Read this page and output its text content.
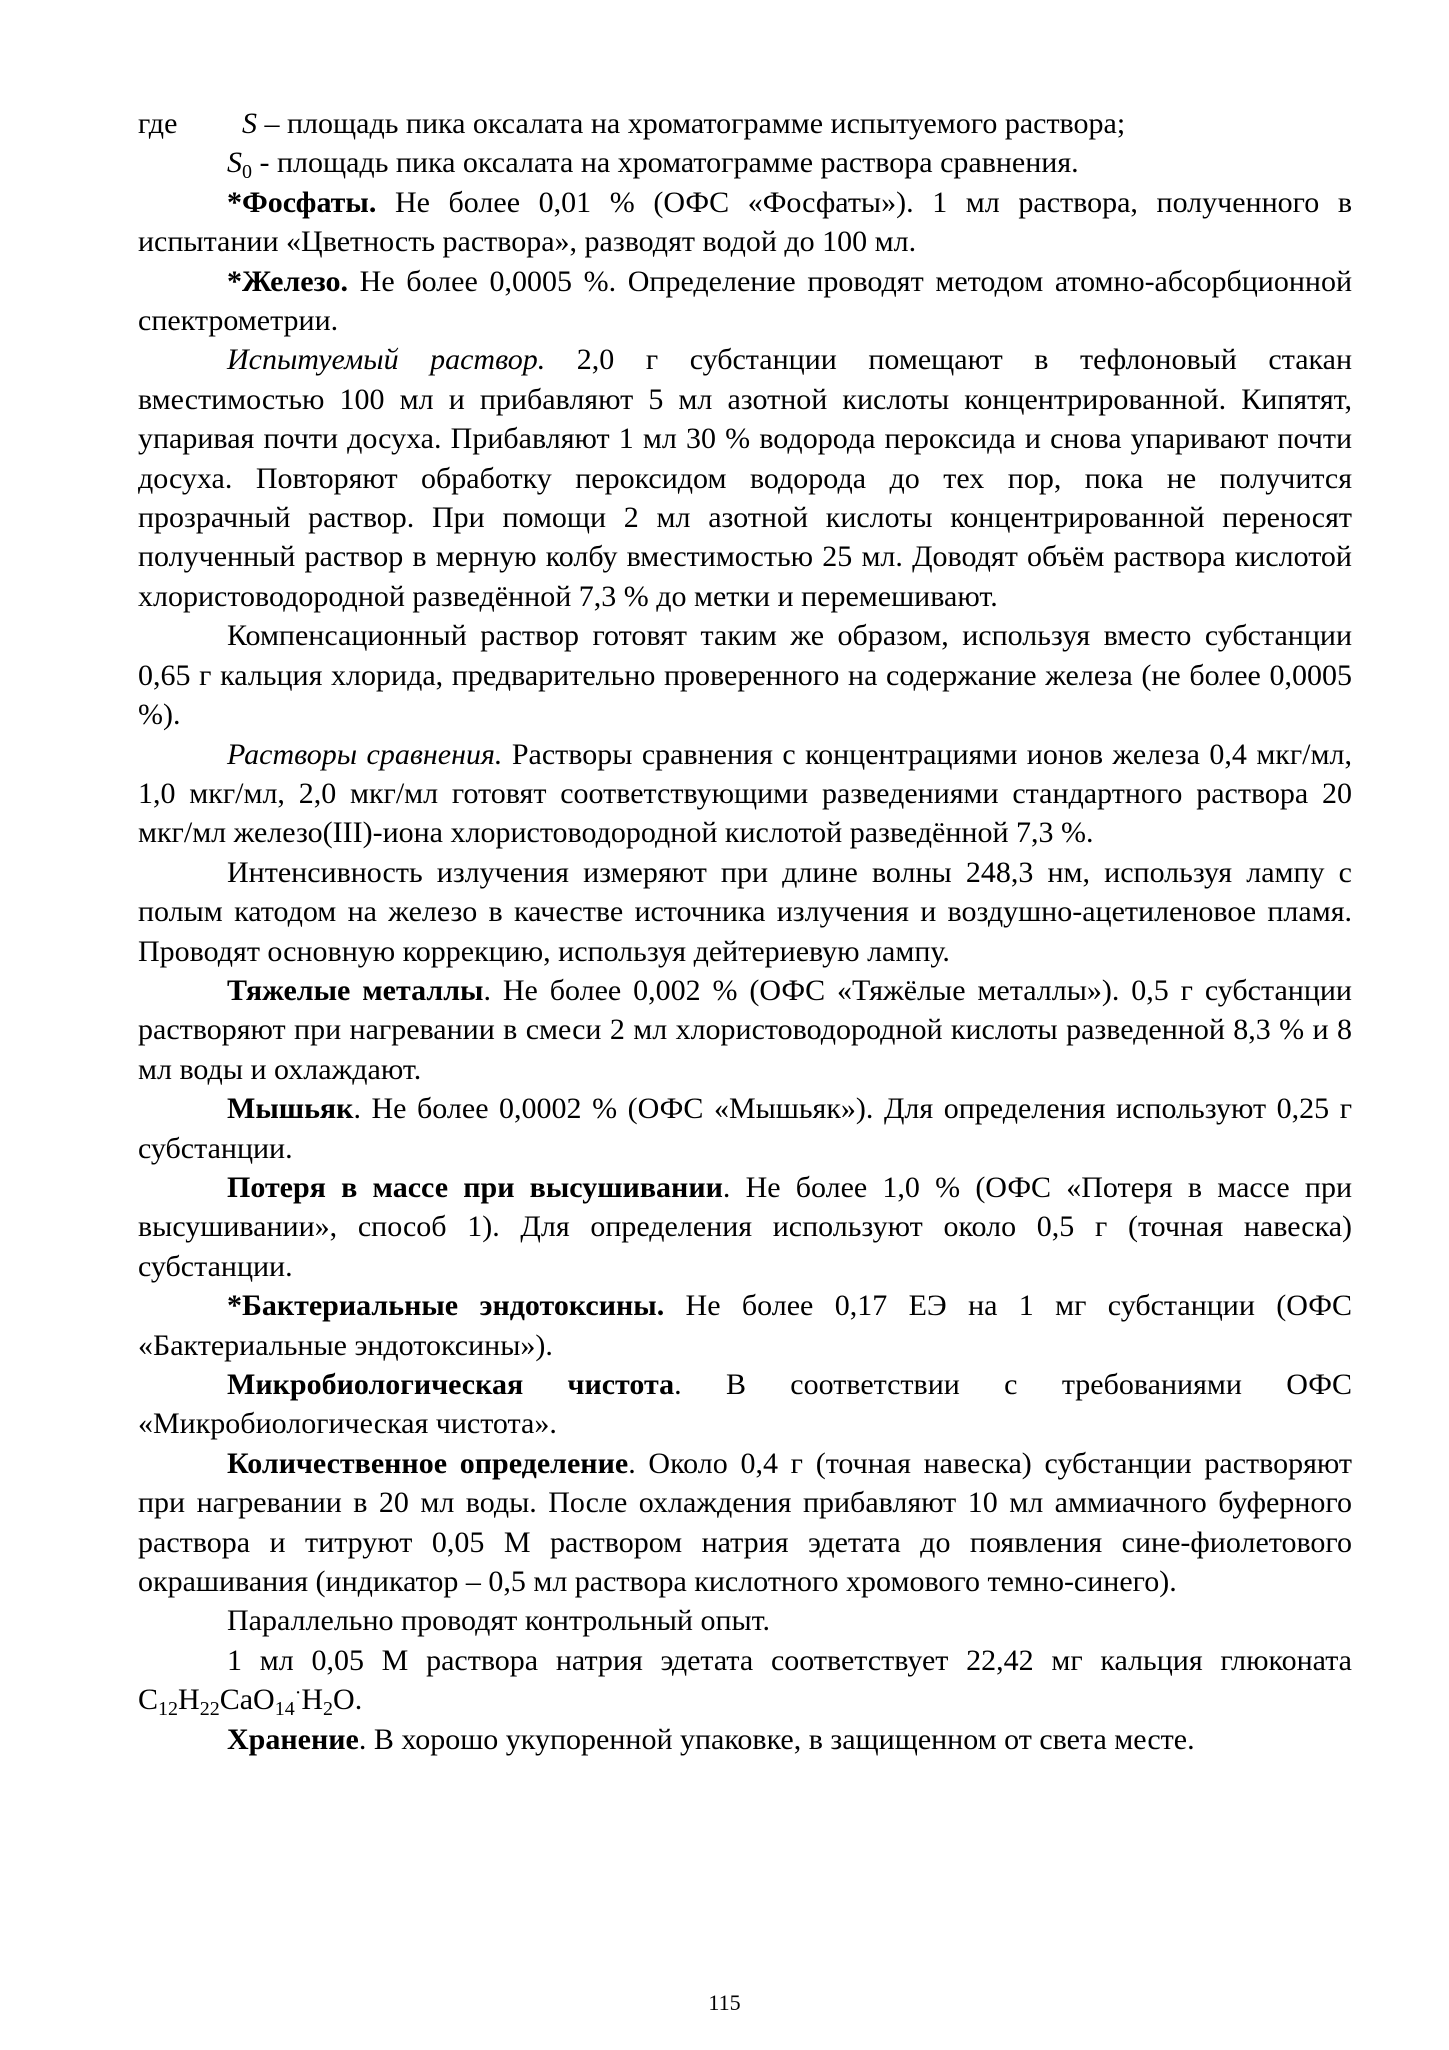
где	S – площадь пика оксалата на хроматограмме испытуемого раствора;

$S_0$ - площадь пика оксалата на хроматограмме раствора сравнения.

*Фосфаты. Не более 0,01 % (ОФС «Фосфаты»). 1 мл раствора, полученного в испытании «Цветность раствора», разводят водой до 100 мл.

*Железо. Не более 0,0005 %. Определение проводят методом атомно-абсорбционной спектрометрии.

Испытуемый раствор. 2,0 г субстанции помещают в тефлоновый стакан вместимостью 100 мл и прибавляют 5 мл азотной кислоты концентрированной. Кипятят, упаривая почти досуха. Прибавляют 1 мл 30 % водорода пероксида и снова упаривают почти досуха. Повторяют обработку пероксидом водорода до тех пор, пока не получится прозрачный раствор. При помощи 2 мл азотной кислоты концентрированной переносят полученный раствор в мерную колбу вместимостью 25 мл. Доводят объём раствора кислотой хлористоводородной разведённой 7,3 % до метки и перемешивают.

Компенсационный раствор готовят таким же образом, используя вместо субстанции 0,65 г кальция хлорида, предварительно проверенного на содержание железа (не более 0,0005 %).

Растворы сравнения. Растворы сравнения с концентрациями ионов железа 0,4 мкг/мл, 1,0 мкг/мл, 2,0 мкг/мл готовят соответствующими разведениями стандартного раствора 20 мкг/мл железо(III)-иона хлористоводородной кислотой разведённой 7,3 %.

Интенсивность излучения измеряют при длине волны 248,3 нм, используя лампу с полым катодом на железо в качестве источника излучения и воздушно-ацетиленовое пламя. Проводят основную коррекцию, используя дейтериевую лампу.

Тяжелые металлы. Не более 0,002 % (ОФС «Тяжёлые металлы»). 0,5 г субстанции растворяют при нагревании в смеси 2 мл хлористоводородной кислоты разведенной 8,3 % и 8 мл воды и охлаждают.

Мышьяк. Не более 0,0002 % (ОФС «Мышьяк»). Для определения используют 0,25 г субстанции.

Потеря в массе при высушивании. Не более 1,0 % (ОФС «Потеря в массе при высушивании», способ 1). Для определения используют около 0,5 г (точная навеска) субстанции.

*Бактериальные эндотоксины. Не более 0,17 ЕЭ на 1 мг субстанции (ОФС «Бактериальные эндотоксины»).

Микробиологическая чистота. В соответствии с требованиями ОФС «Микробиологическая чистота».

Количественное определение. Около 0,4 г (точная навеска) субстанции растворяют при нагревании в 20 мл воды. После охлаждения прибавляют 10 мл аммиачного буферного раствора и титруют 0,05 М раствором натрия эдетата до появления сине-фиолетового окрашивания (индикатор – 0,5 мл раствора кислотного хромового темно-синего).

Параллельно проводят контрольный опыт.

1 мл 0,05 М раствора натрия эдетата соответствует 22,42 мг кальция глюконата $C_{12}H_{22}CaO_{14}^\cdot H_2O$.

Хранение. В хорошо укупоренной упаковке, в защищенном от света месте.

115
